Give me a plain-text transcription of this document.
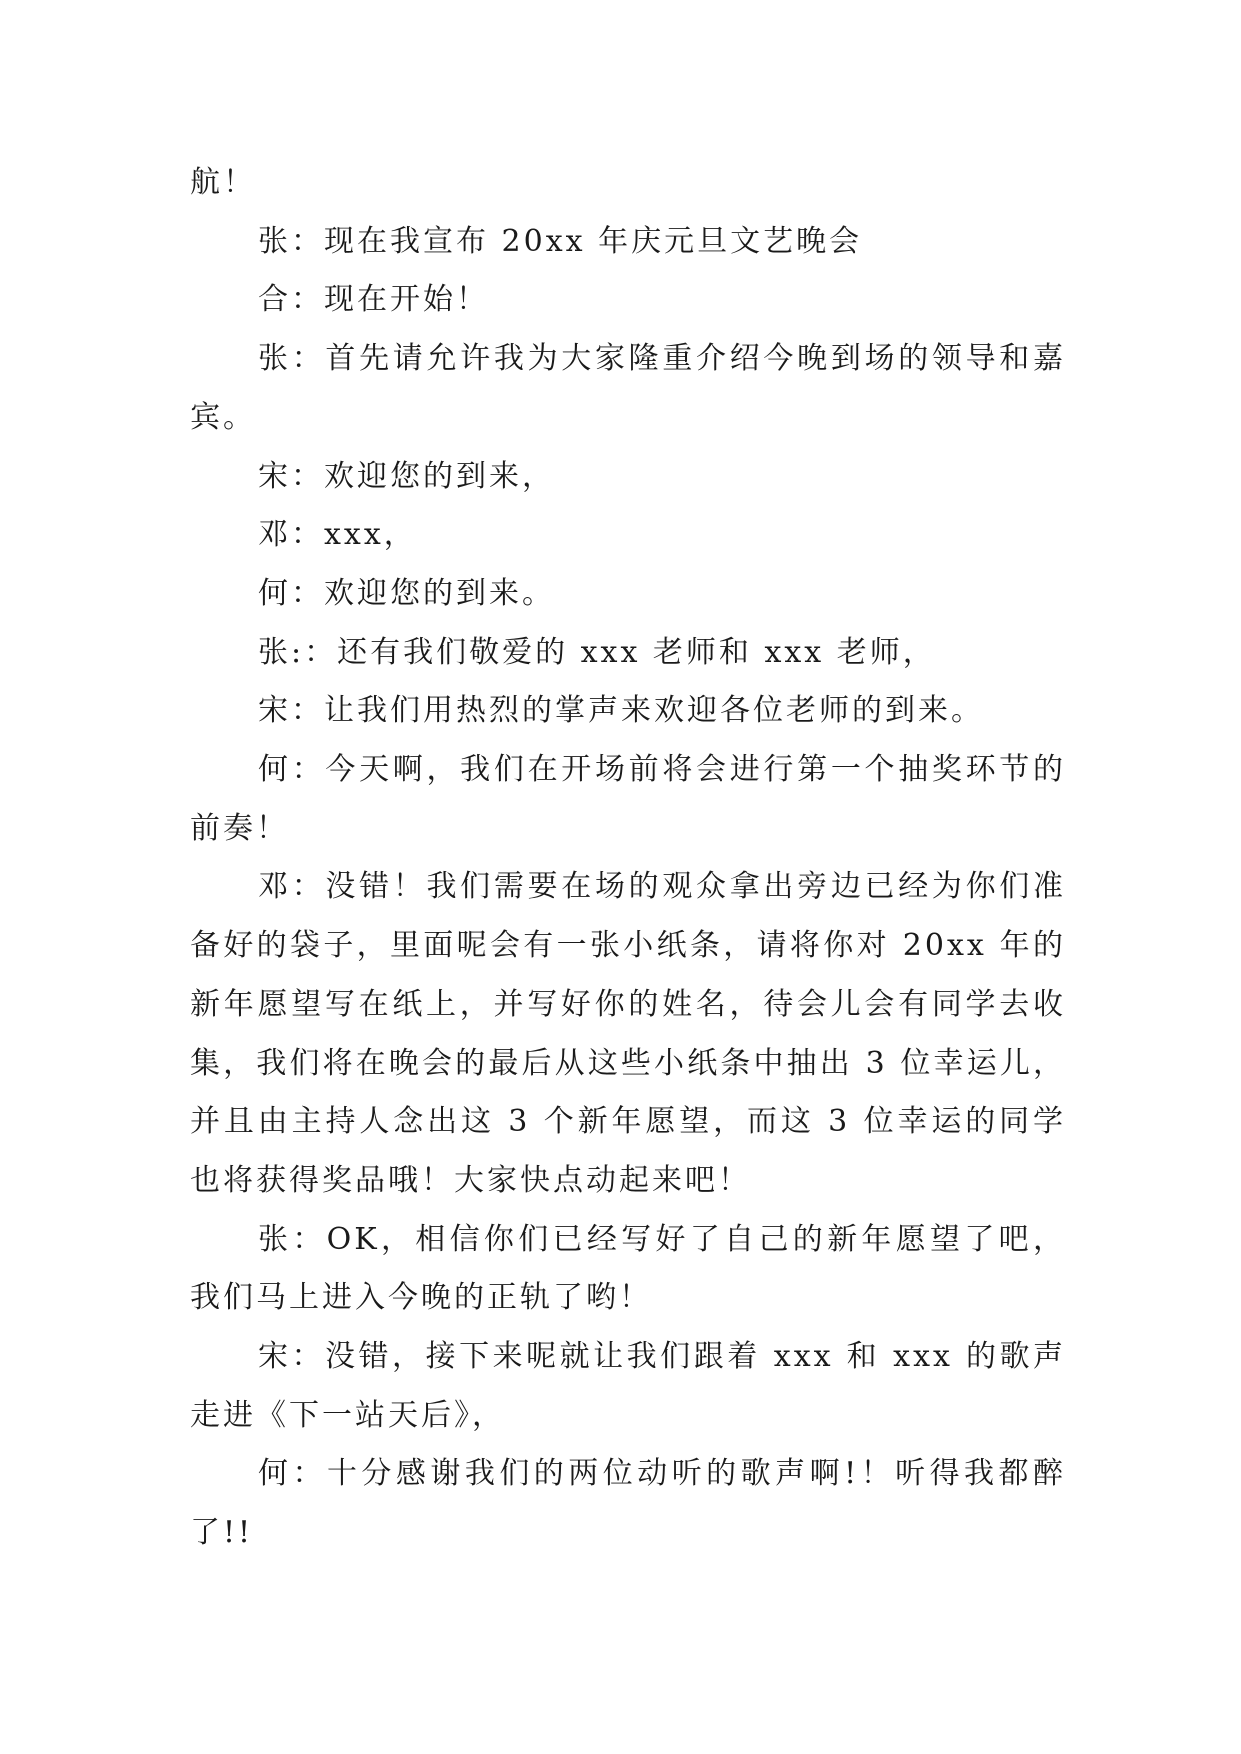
航！

张：现在我宣布 20xx 年庆元旦文艺晚会

合：现在开始！

张：首先请允许我为大家隆重介绍今晚到场的领导和嘉宾。

宋：欢迎您的到来，

邓：xxx，

何：欢迎您的到来。

张:：还有我们敬爱的 xxx 老师和 xxx 老师，

宋：让我们用热烈的掌声来欢迎各位老师的到来。

何：今天啊，我们在开场前将会进行第一个抽奖环节的前奏！

邓：没错！我们需要在场的观众拿出旁边已经为你们准备好的袋子，里面呢会有一张小纸条，请将你对 20xx 年的新年愿望写在纸上，并写好你的姓名，待会儿会有同学去收集，我们将在晚会的最后从这些小纸条中抽出 3 位幸运儿，并且由主持人念出这 3 个新年愿望，而这 3 位幸运的同学也将获得奖品哦！大家快点动起来吧！

张：OK，相信你们已经写好了自己的新年愿望了吧，我们马上进入今晚的正轨了哟！

宋：没错，接下来呢就让我们跟着 xxx 和 xxx 的歌声走进《下一站天后》，

何：十分感谢我们的两位动听的歌声啊!！听得我都醉了!!
